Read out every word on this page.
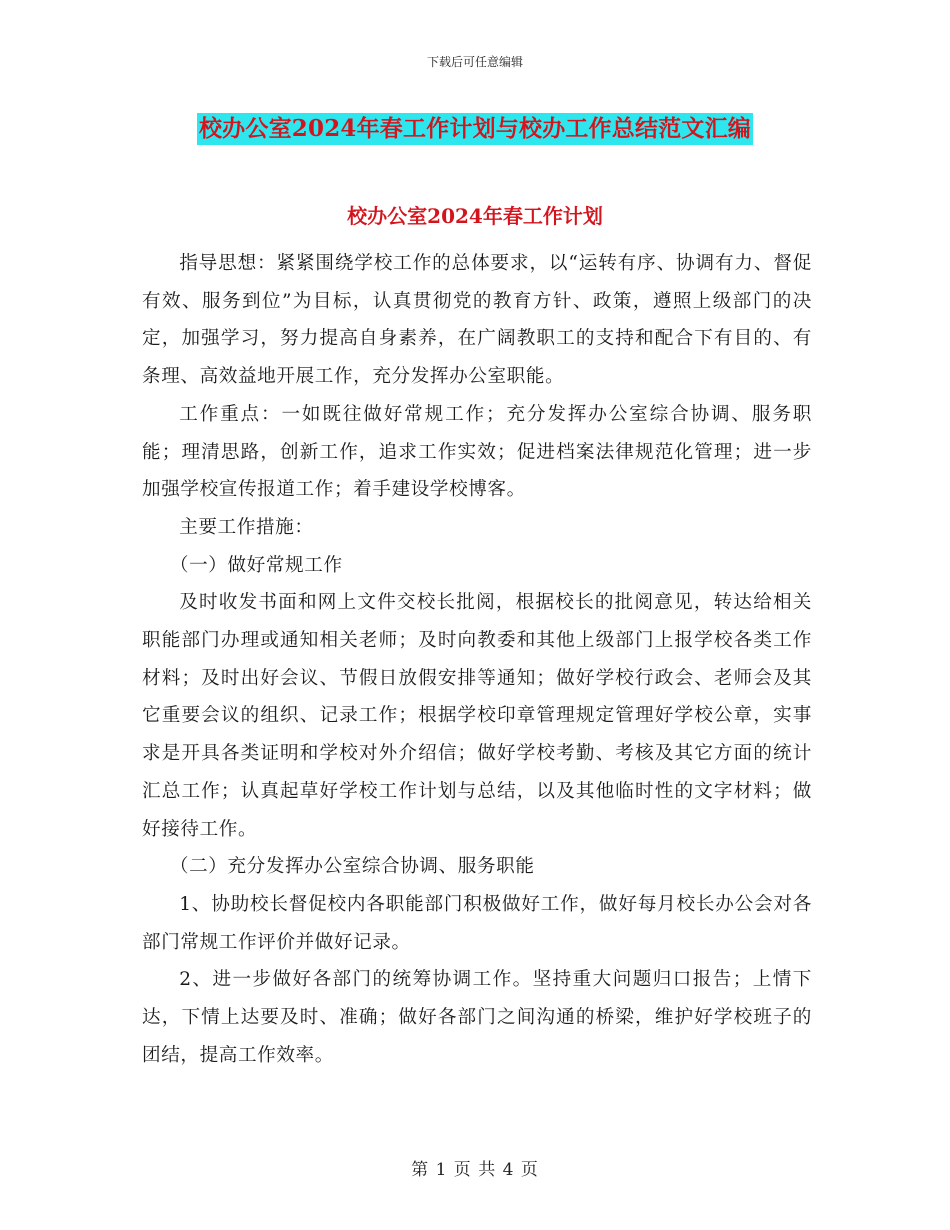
下载后可任意编辑
校办公室2024年春工作计划与校办工作总结范文汇编
校办公室2024年春工作计划

指导思想：紧紧围绕学校工作的总体要求，以“运转有序、协调有力、督促有效、服务到位”为目标，认真贯彻党的教育方针、政策，遵照上级部门的决定，加强学习，努力提高自身素养，在广阔教职工的支持和配合下有目的、有条理、高效益地开展工作，充分发挥办公室职能。

工作重点：一如既往做好常规工作；充分发挥办公室综合协调、服务职能；理清思路，创新工作，追求工作实效；促进档案法律规范化管理；进一步加强学校宣传报道工作；着手建设学校博客。

主要工作措施：

（一）做好常规工作

及时收发书面和网上文件交校长批阅，根据校长的批阅意见，转达给相关职能部门办理或通知相关老师；及时向教委和其他上级部门上报学校各类工作材料；及时出好会议、节假日放假安排等通知；做好学校行政会、老师会及其它重要会议的组织、记录工作；根据学校印章管理规定管理好学校公章，实事求是开具各类证明和学校对外介绍信；做好学校考勤、考核及其它方面的统计汇总工作；认真起草好学校工作计划与总结，以及其他临时性的文字材料；做好接待工作。

（二）充分发挥办公室综合协调、服务职能

1、协助校长督促校内各职能部门积极做好工作，做好每月校长办公会对各部门常规工作评价并做好记录。

2、进一步做好各部门的统筹协调工作。坚持重大问题归口报告；上情下达，下情上达要及时、准确；做好各部门之间沟通的桥梁，维护好学校班子的团结，提高工作效率。

第 1 页 共 4 页
